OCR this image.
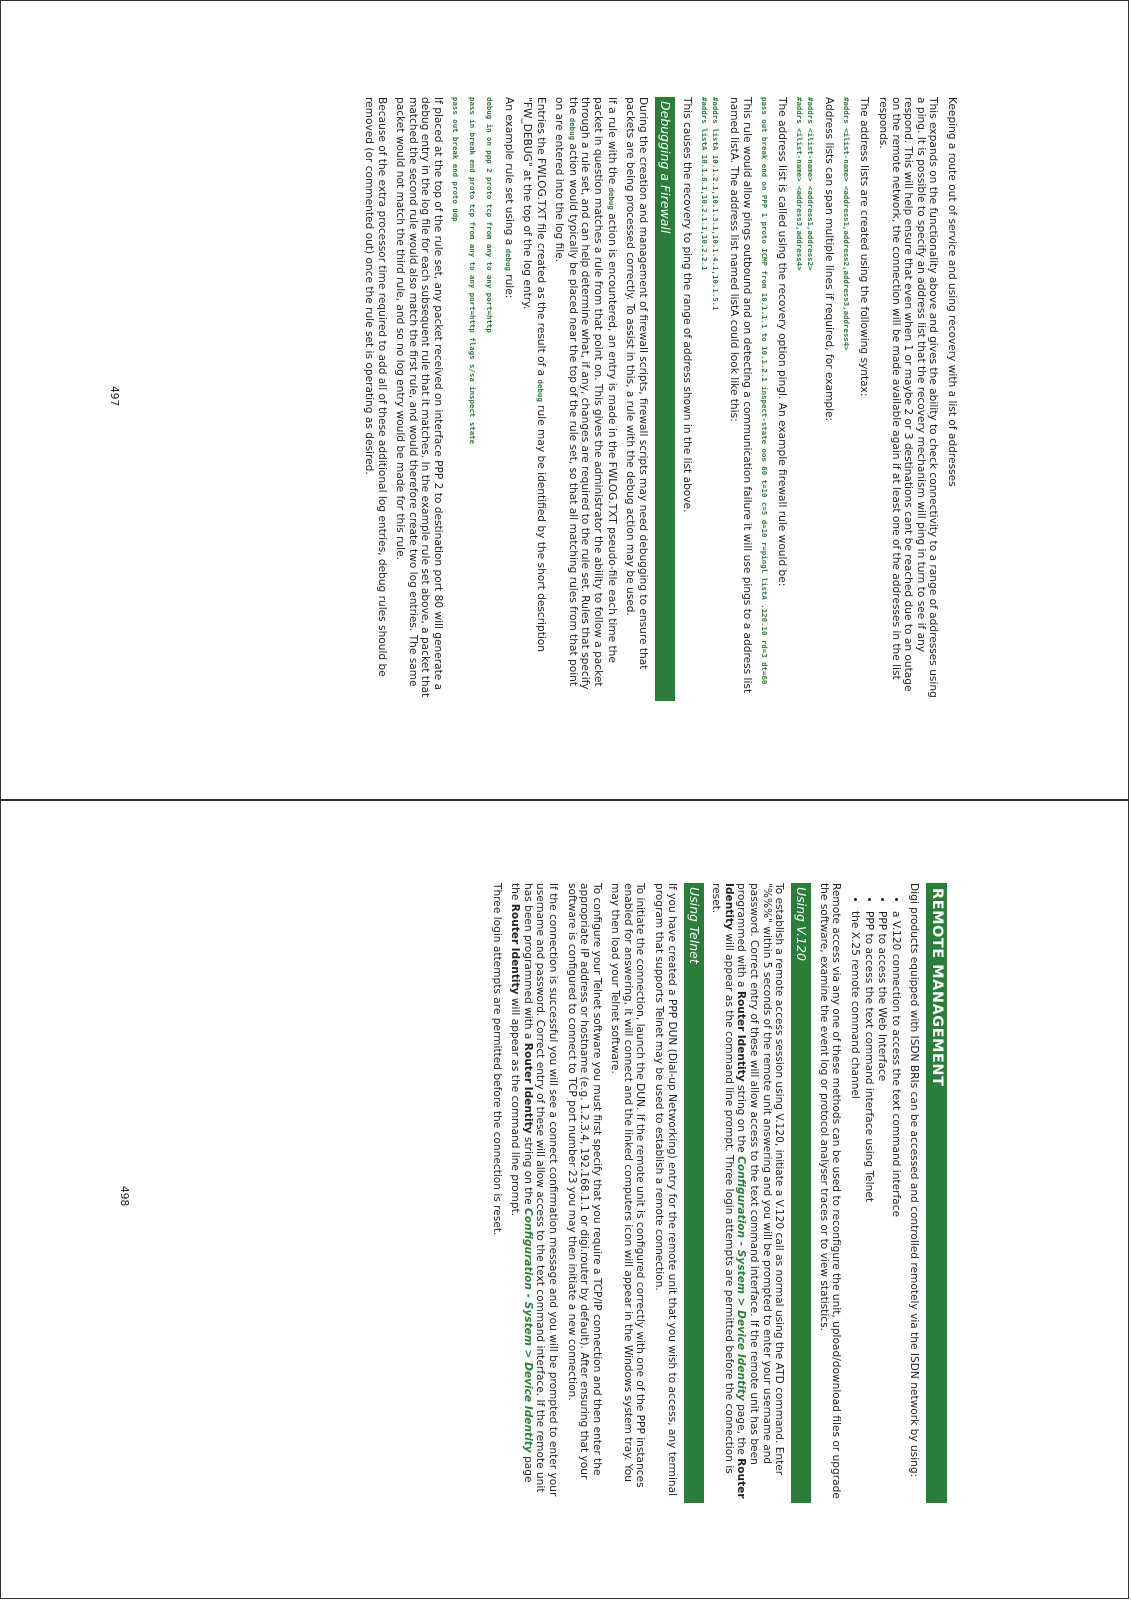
Keeping a route out of service and using recovery with a list of addresses

This expands on the functionality above and gives the ability to check connectivity to a range of addresses using a ping. It is possible to specify an address list that the recovery mechanism will ping in turn to see if any respond. This will help ensure that even when 1 or maybe 2 or 3 destinations cant be reached due to an outage on the remote network, the connection will be made available again if at least one of the addresses in the list responds.

The address lists are created using the following syntax:

#addrs <ilist-name> <address1,address2,address3,address4>

Address lists can span multiple lines if required, for example:

#addrs <ilist-name> <address1,address2>
#addrs <ilist-name> <address3,address4>

The address list is called using the recovery option pingl. An example firewall rule would be:

pass out break end on PPP 1 proto ICMP from 10.1.1.1 to 10.1.2.1 inspect-state oos 60 t=10 c=5 d=10 r=pingl listA .120.10 rd=3 dt=60

This rule would allow pings outbound and on detecting a communication failure it will use pings to a address list named listA. The address list named listA could look like this:

#addrs listA 10.1.2.1,10.1.3.1,10.1.4.1,10.1.5.1
#addrs listA 10.1.6.1,10.2.1.1,10.2.2.1

This causes the recovery to ping the range of address shown in the list above.

Debugging a Firewall

During the creation and management of firewall scripts, firewall scripts may need debugging to ensure that packets are being processed correctly. To assist in this, a rule with the debug action may be used.

If a rule with the debug action is encountered, an entry is made in the FWLOG.TXT pseudo-file each time the packet in question matches a rule from that point on. This gives the administrator the ability to follow a packet through a rule set, and can help determine what, if any, changes are required to the rule set. Rules that specify the debug action would typically be placed near the top of the rule set, so that all matching rules from that point on are entered into the log file.

Entries the FWLOG.TXT file created as the result of a debug rule may be identified by the short description "FW_DEBUG" at the top of the log entry.

An example rule set using a debug rule:

debug in on ppp 2 proto tcp from any to any port=http
pass in break end proto tcp from any to any port=http flags s/sa inspect state
pass out break end proto udp

If placed at the top of the rule set, any packet received on interface PPP 2 to destination port 80 will generate a debug entry in the log file for each subsequent rule that it matches. In the example rule set above, a packet that matched the second rule would also match the first rule, and would therefore create two log entries. The same packet would not match the third rule, and so no log entry would be made for this rule.

Because of the extra processor time required to add all of these additional log entries, debug rules should be removed (or commented out) once the rule set is operating as desired.

497
REMOTE MANAGEMENT

Digi products equipped with ISDN BRIs can be accessed and controlled remotely via the ISDN network by using:

• a V.120 connection to access the text command interface
• PPP to access the Web Interface
• PPP to access the text command interface using Telnet
• the X.25 remote command channel

Remote access via any one of these methods can be used to reconfigure the unit, upload/download files or upgrade the software, examine the event log or protocol analyser traces or to view statistics.

Using V.120

To establish a remote access session using V.120, initiate a V.120 call as normal using the ATD command. Enter "%%%" within 5 seconds of the remote unit answering and you will be prompted to enter your username and password. Correct entry of these will allow access to the text command interface. If the remote unit has been programmed with a Router Identity string on the Configuration - System > Device Identity page, the Router Identity will appear as the command line prompt. Three login attempts are permitted before the connection is reset.

Using Telnet

If you have created a PPP DUN (Dial-up Networking) entry for the remote unit that you wish to access, any terminal program that supports Telnet may be used to establish a remote connection.

To initiate the connection, launch the DUN. If the remote unit is configured correctly with one of the PPP instances enabled for answering, it will connect and the linked computers icon will appear in the Windows system tray. You may then load your Telnet software.

To configure your Telnet software you must first specify that you require a TCP/IP connection and then enter the appropriate IP address or hostname (e.g. 1.2.3.4, 192.168.1.1 or digi.router by default). After ensuring that your software is configured to connect to TCP port number 23 you may then initiate a new connection.

If the connection is successful you will see a connect confirmation message and you will be prompted to enter your username and password. Correct entry of these will allow access to the text command interface. If the remote unit has been programmed with a Router Identity string on the Configuration - System > Device Identity page the Router Identity will appear as the command line prompt.

Three login attempts are permitted before the connection is reset.

498
